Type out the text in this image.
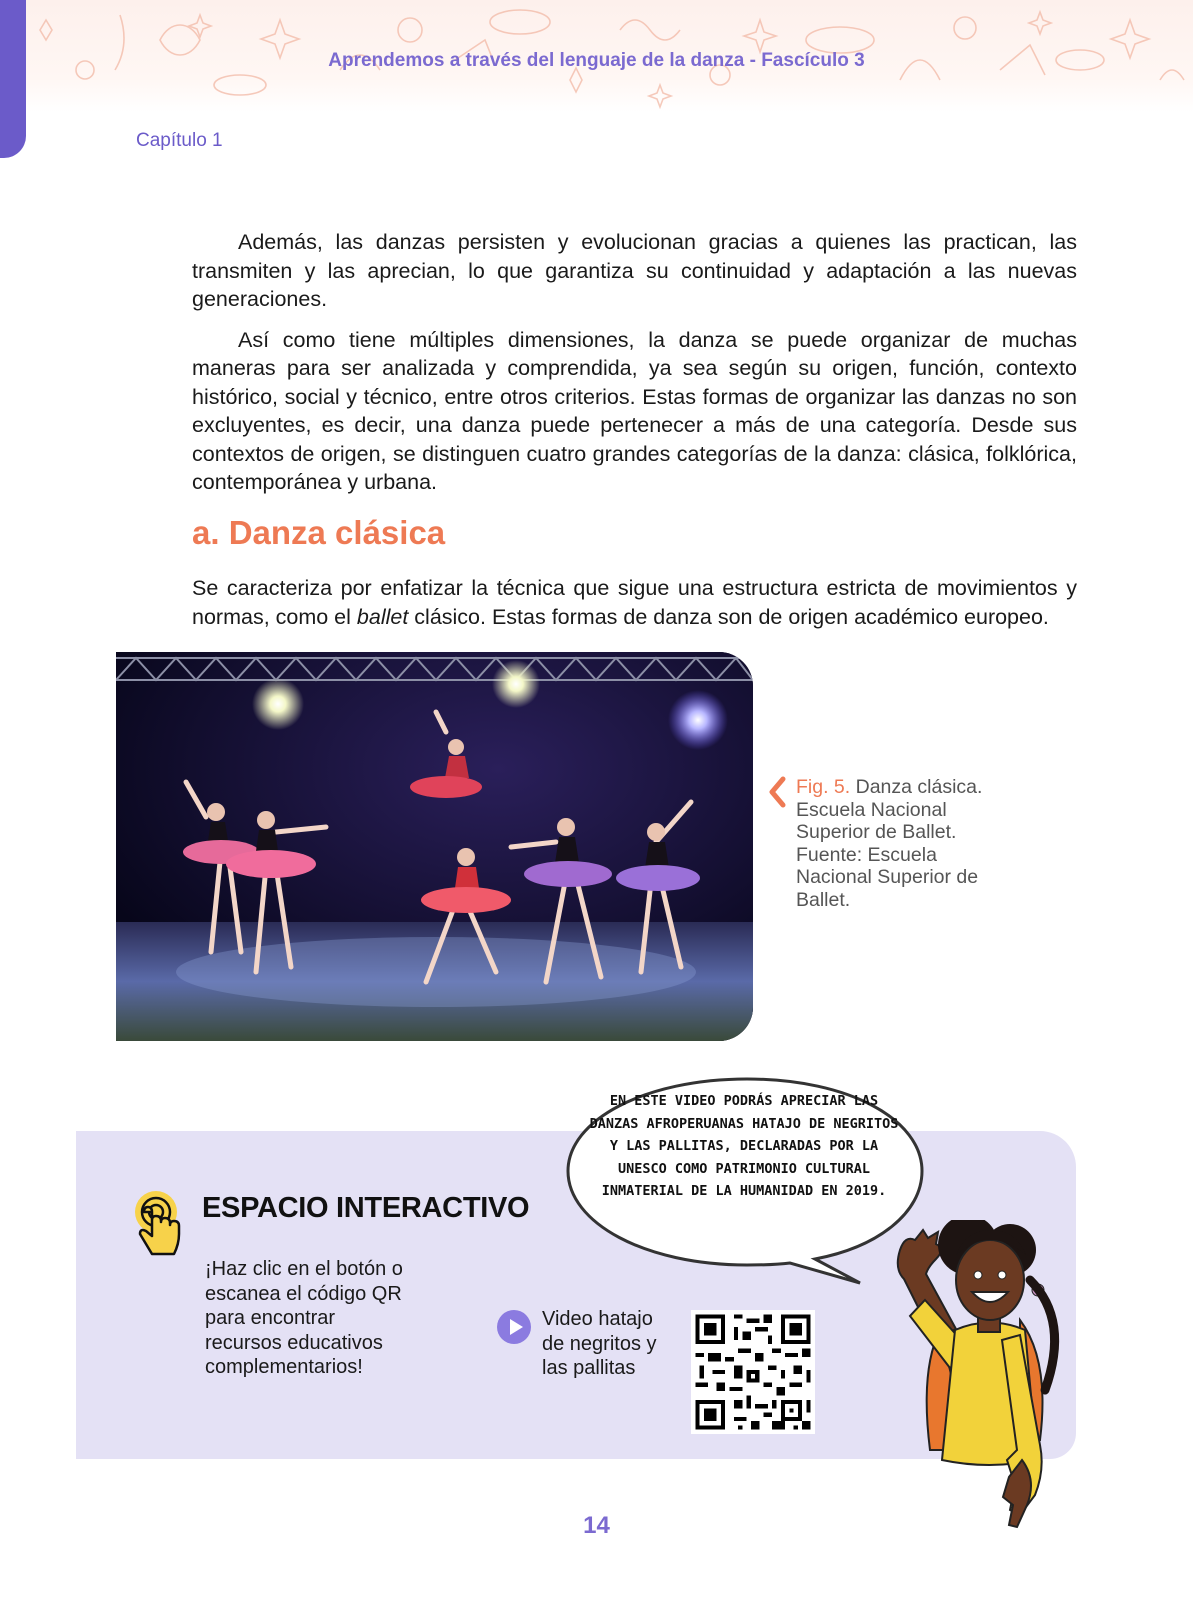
Aprendemos a través del lenguaje de la danza - Fascículo 3
Capítulo 1

Además, las danzas persisten y evolucionan gracias a quienes las practican, las transmiten y las aprecian, lo que garantiza su continuidad y adaptación a las nuevas generaciones.

Así como tiene múltiples dimensiones, la danza se puede organizar de muchas maneras para ser analizada y comprendida, ya sea según su origen, función, contexto histórico, social y técnico, entre otros criterios. Estas formas de organizar las danzas no son excluyentes, es decir, una danza puede pertenecer a más de una categoría. Desde sus contextos de origen, se distinguen cuatro grandes categorías de la danza: clásica, folklórica, contemporánea y urbana.

a. Danza clásica

Se caracteriza por enfatizar la técnica que sigue una estructura estricta de movimientos y normas, como el ballet clásico. Estas formas de danza son de origen académico europeo.

Fig. 5. Danza clásica. Escuela Nacional Superior de Ballet. Fuente: Escuela Nacional Superior de Ballet.
ESPACIO INTERACTIVO

¡Haz clic en el botón o escanea el código QR para encontrar recursos educativos complementarios!

Video hatajo de negritos y las pallitas

EN ESTE VIDEO PODRÁS APRECIAR LAS DANZAS AFROPERUANAS HATAJO DE NEGRITOS Y LAS PALLITAS, DECLARADAS POR LA UNESCO COMO PATRIMONIO CULTURAL INMATERIAL DE LA HUMANIDAD EN 2019.

14
